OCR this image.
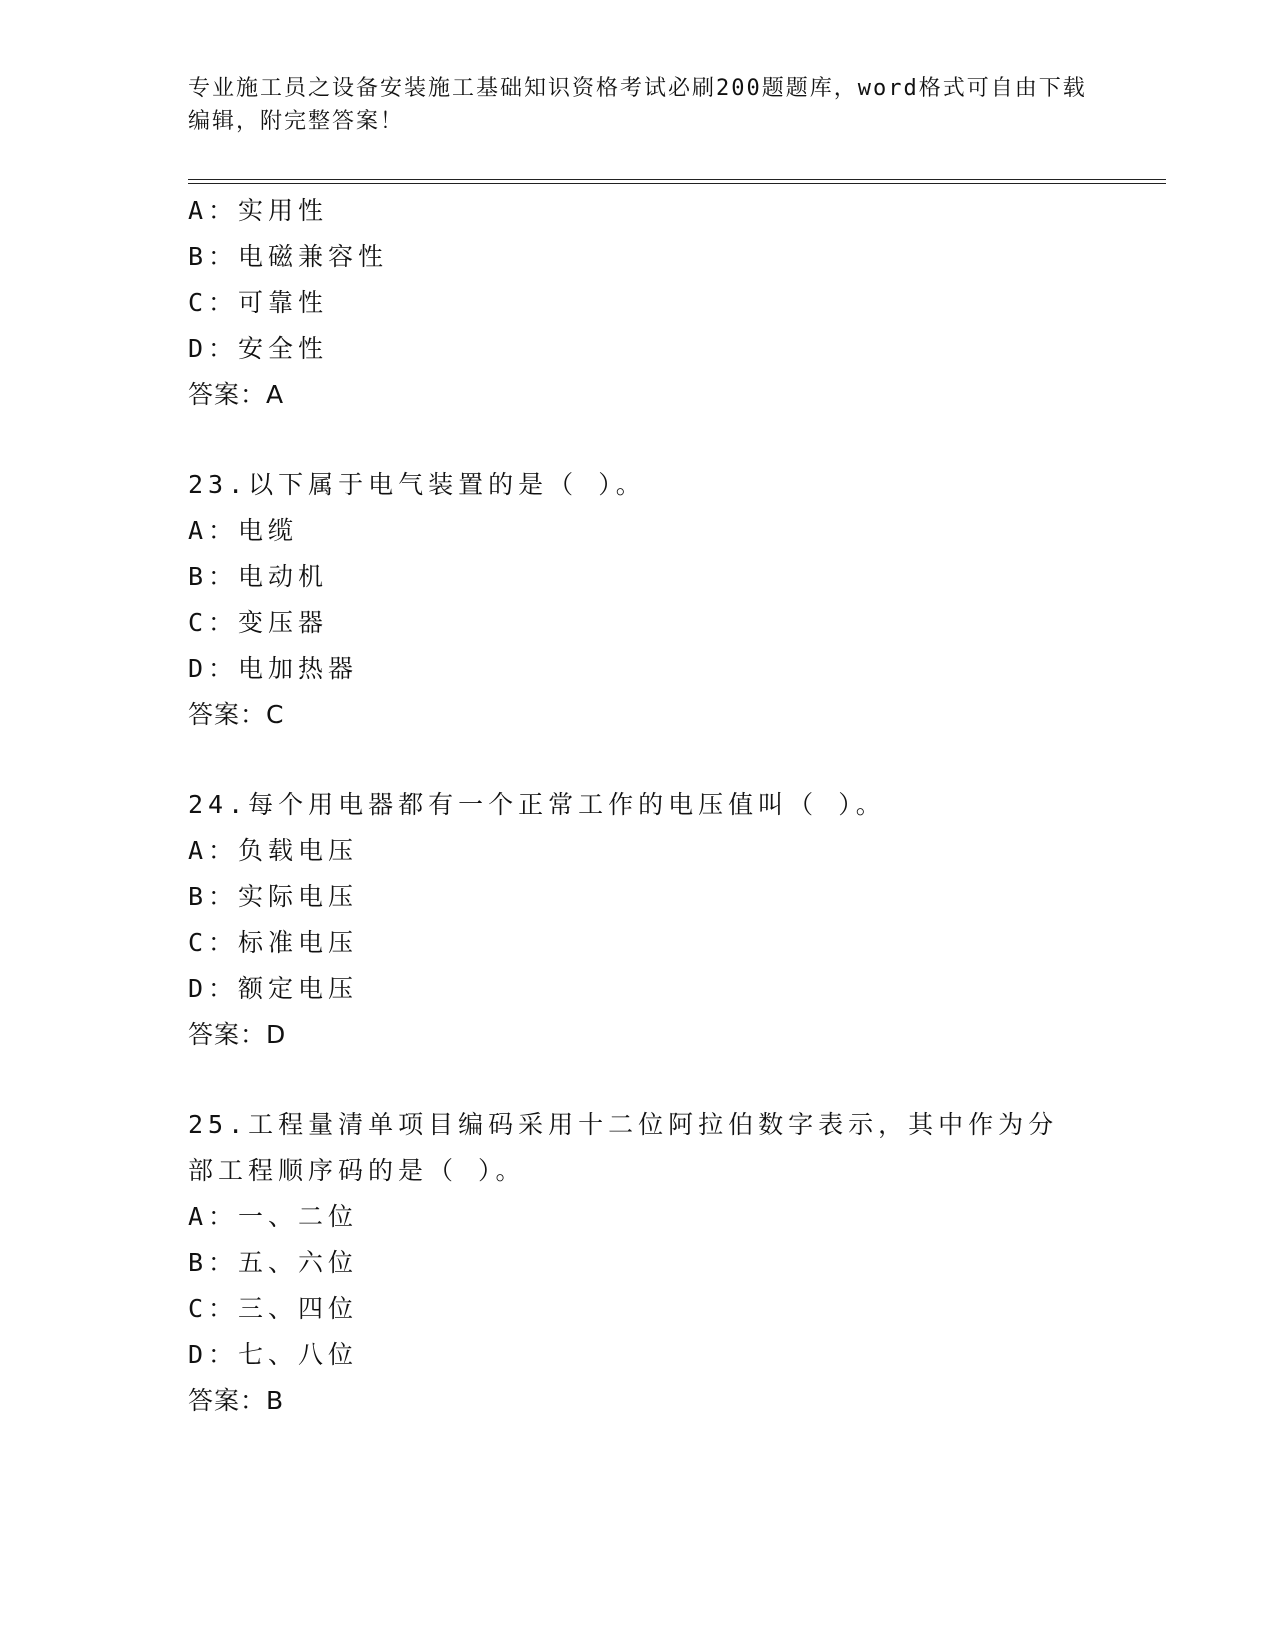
专业施工员之设备安装施工基础知识资格考试必刷200题题库，word格式可自由下载编辑，附完整答案！
A：实用性
B：电磁兼容性
C：可靠性
D：安全性
答案：A
23.以下属于电气装置的是（ ）。
A：电缆
B：电动机
C：变压器
D：电加热器
答案：C
24.每个用电器都有一个正常工作的电压值叫（ ）。
A：负载电压
B：实际电压
C：标准电压
D：额定电压
答案：D
25.工程量清单项目编码采用十二位阿拉伯数字表示，其中作为分部工程顺序码的是（ ）。
A：一、二位
B：五、六位
C：三、四位
D：七、八位
答案：B
